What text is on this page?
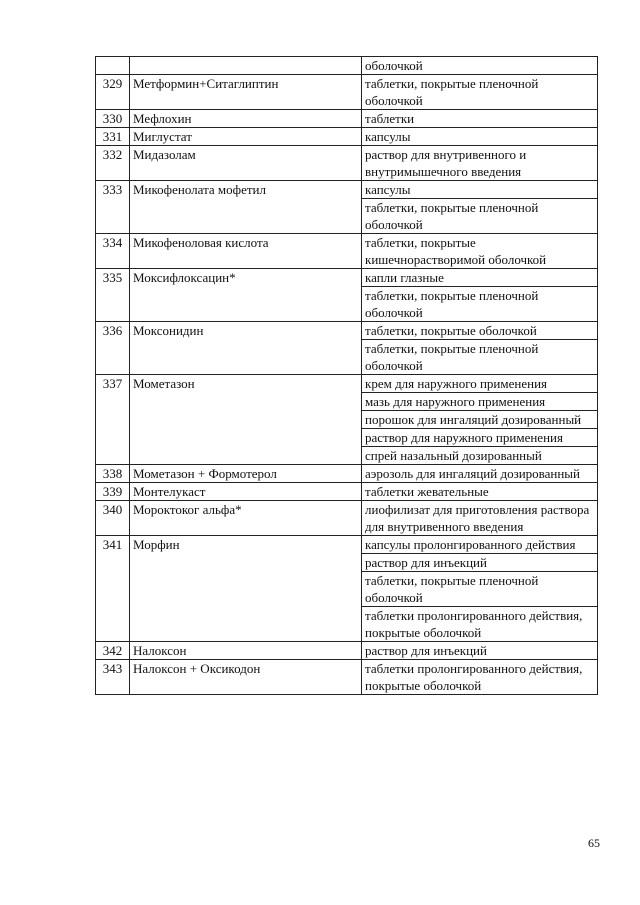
		оболочкой

329	Метформин+Ситаглиптин	таблетки, покрытые пленочной оболочкой

330	Мефлохин	таблетки

331	Миглустат	капсулы

332	Мидазолам	раствор для внутривенного и внутримышечного введения

333	Микофенолата мофетил	капсулы
таблетки, покрытые пленочной оболочкой

334	Микофеноловая кислота	таблетки, покрытые кишечнорастворимой оболочкой

335	Моксифлоксацин*	капли глазные
таблетки, покрытые пленочной оболочкой

336	Моксонидин	таблетки, покрытые оболочкой
таблетки, покрытые пленочной оболочкой

337	Мометазон	крем для наружного применения
мазь для наружного применения
порошок для ингаляций дозированный
раствор для наружного применения
спрей назальный дозированный

338	Мометазон + Формотерол	аэрозоль для ингаляций дозированный

339	Монтелукаст	таблетки жевательные

340	Мороктоког альфа*	лиофилизат для приготовления раствора для внутривенного введения

341	Морфин	капсулы пролонгированного действия
раствор для инъекций
таблетки, покрытые пленочной оболочкой
таблетки пролонгированного действия, покрытые оболочкой

342	Налоксон	раствор для инъекций

343	Налоксон + Оксикодон	таблетки пролонгированного действия, покрытые оболочкой
65
